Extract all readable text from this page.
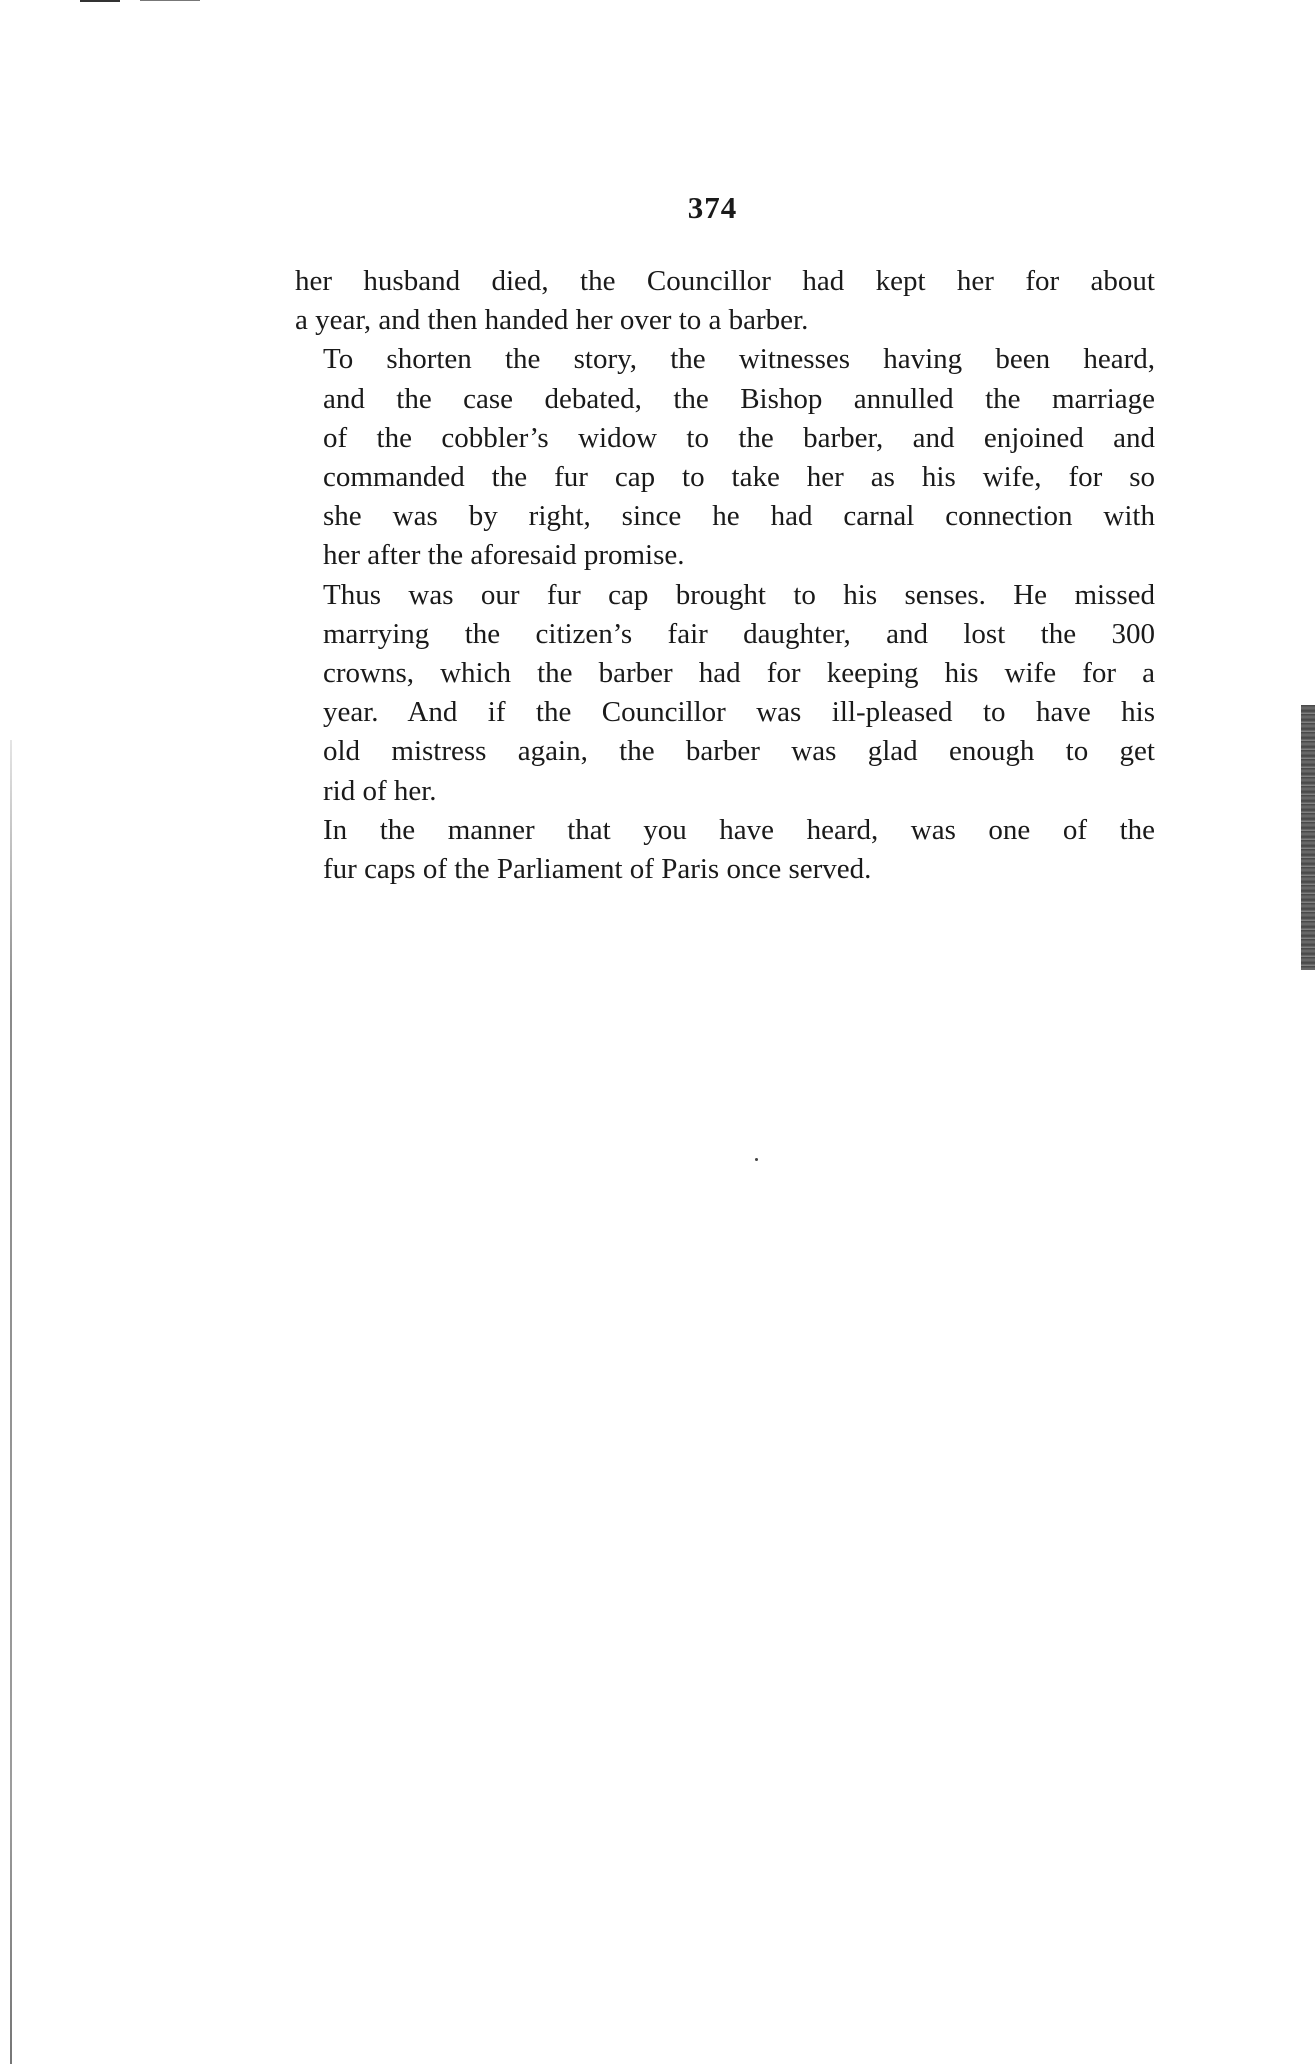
374
her husband died, the Councillor had kept her for about
a year, and then handed her over to a barber.
To shorten the story, the witnesses having been heard,
and the case debated, the Bishop annulled the marriage
of the cobbler’s widow to the barber, and enjoined and
commanded the fur cap to take her as his wife, for so
she was by right, since he had carnal connection with
her after the aforesaid promise.
Thus was our fur cap brought to his senses. He missed
marrying the citizen’s fair daughter, and lost the 300
crowns, which the barber had for keeping his wife for a
year. And if the Councillor was ill-pleased to have his
old mistress again, the barber was glad enough to get
rid of her.
In the manner that you have heard, was one of the
fur caps of the Parliament of Paris once served.
